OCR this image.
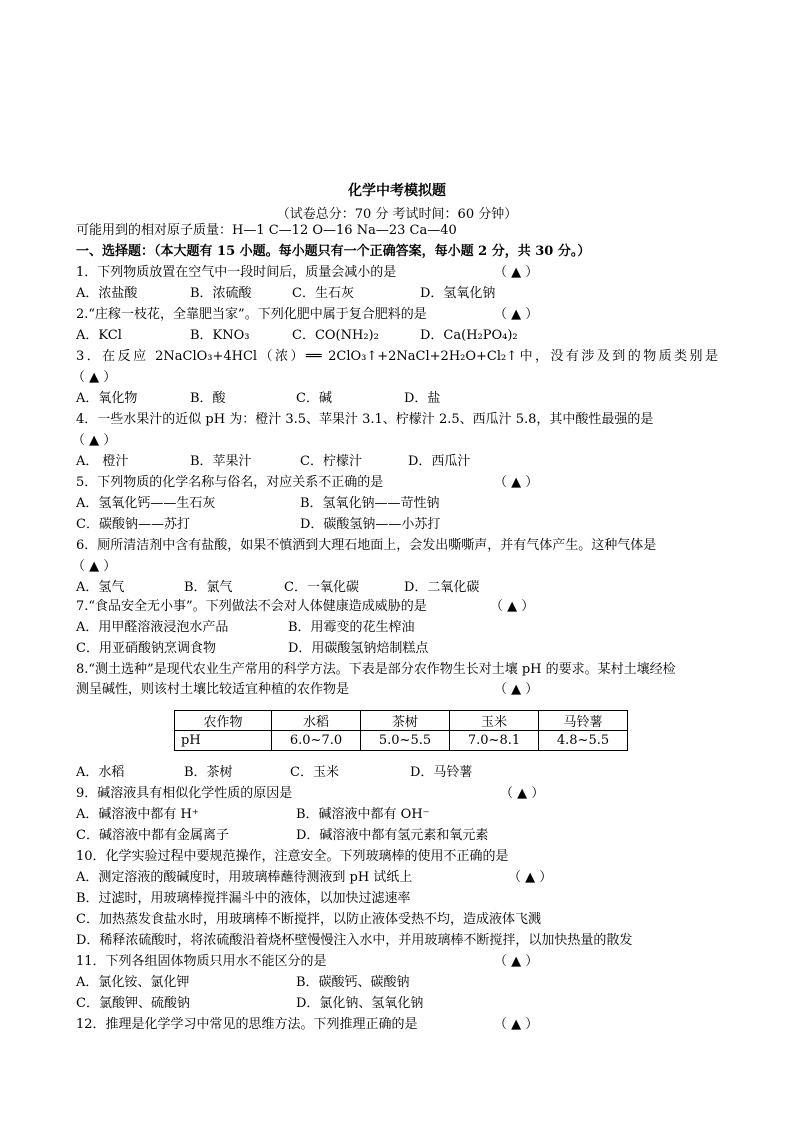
化学中考模拟题
（试卷总分：70 分 考试时间：60 分钟）
可能用到的相对原子质量：H—1 C—12 O—16 Na—23 Ca—40
一、选择题：（本大题有 15 小题。每小题只有一个正确答案，每小题 2 分，共 30 分。）
1．下列物质放置在空气中一段时间后，质量会减小的是	（ ▲ ）
A．浓盐酸	B．浓硫酸	C．生石灰	D．氢氧化钠
2.“庄稼一枝花，全靠肥当家”。下列化肥中属于复合肥料的是	（ ▲ ）
A．KCl	B．KNO₃	C．CO(NH₂)₂	D．Ca(H₂PO₄)₂
3．在反应 2NaClO₃+4HCl（浓）══ 2ClO₃↑+2NaCl+2H₂O+Cl₂↑中，没有涉及到的物质类别是
（ ▲ ）
A．氧化物	B．酸	C．碱	D．盐
4．一些水果汁的近似 pH 为：橙汁 3.5、苹果汁 3.1、柠檬汁 2.5、西瓜汁 5.8，其中酸性最强的是
（ ▲ ）
A． 橙汁	B．苹果汁	C．柠檬汁	D．西瓜汁
5．下列物质的化学名称与俗名，对应关系不正确的是	（ ▲ ）
A．氢氧化钙——生石灰	B．氢氧化钠——苛性钠
C．碳酸钠——苏打	D．碳酸氢钠——小苏打
6．厕所清洁剂中含有盐酸，如果不慎洒到大理石地面上，会发出嘶嘶声，并有气体产生。这种气体是
（ ▲ ）
A．氢气	B．氯气	C．一氧化碳	D．二氧化碳
7.“食品安全无小事”。下列做法不会对人体健康造成威胁的是	（ ▲ ）
A．用甲醛溶液浸泡水产品	B．用霉变的花生榨油
C．用亚硝酸钠烹调食物	D．用碳酸氢钠焙制糕点
8.“测土选种”是现代农业生产常用的科学方法。下表是部分农作物生长对土壤 pH 的要求。某村土壤经检
测呈碱性，则该村土壤比较适宜种植的农作物是	（ ▲ ）
农作物	水稻	茶树	玉米	马铃薯
pH	6.0~7.0	5.0~5.5	7.0~8.1	4.8~5.5
A．水稻	B．茶树	C．玉米	D．马铃薯
9．碱溶液具有相似化学性质的原因是	（ ▲ ）
A．碱溶液中都有 H⁺	B．碱溶液中都有 OH⁻
C．碱溶液中都有金属离子	D．碱溶液中都有氢元素和氧元素
10．化学实验过程中要规范操作，注意安全。下列玻璃棒的使用不正确的是
A．测定溶液的酸碱度时，用玻璃棒蘸待测液到 pH 试纸上	（ ▲ ）
B．过滤时，用玻璃棒搅拌漏斗中的液体，以加快过滤速率
C．加热蒸发食盐水时，用玻璃棒不断搅拌，以防止液体受热不均，造成液体飞溅
D．稀释浓硫酸时，将浓硫酸沿着烧杯壁慢慢注入水中，并用玻璃棒不断搅拌，以加快热量的散发
11．下列各组固体物质只用水不能区分的是	（ ▲ ）
A．氯化铵、氯化钾	B．碳酸钙、碳酸钠
C．氯酸钾、硫酸钠	D．氯化钠、氢氧化钠
12．推理是化学学习中常见的思维方法。下列推理正确的是	（ ▲ ）
